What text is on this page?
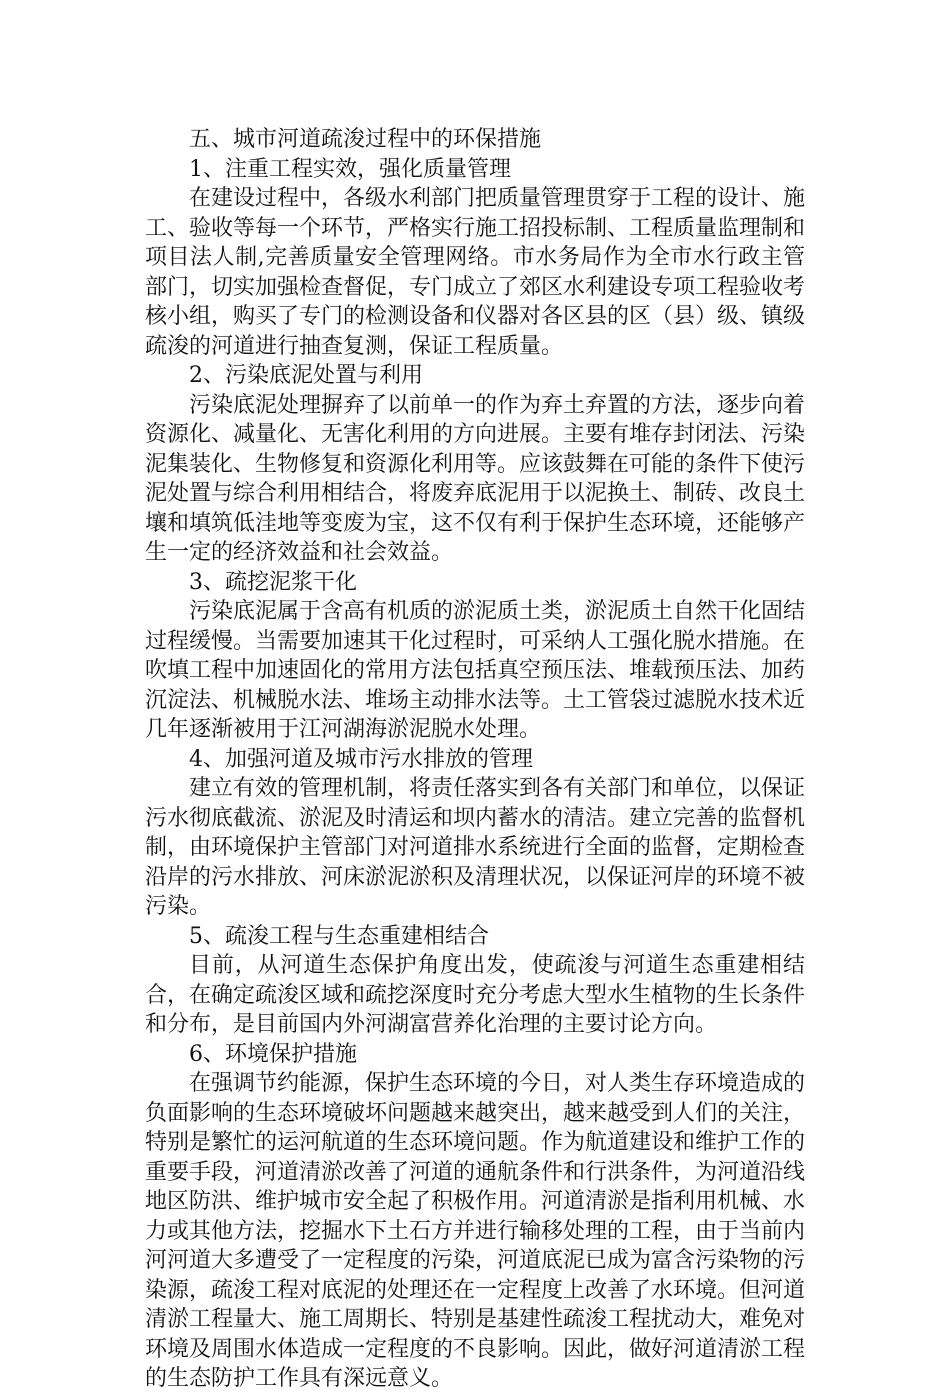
五、城市河道疏浚过程中的环保措施

1、注重工程实效，强化质量管理

在建设过程中，各级水利部门把质量管理贯穿于工程的设计、施工、验收等每一个环节，严格实行施工招投标制、工程质量监理制和项目法人制,完善质量安全管理网络。市水务局作为全市水行政主管部门，切实加强检查督促，专门成立了郊区水利建设专项工程验收考核小组，购买了专门的检测设备和仪器对各区县的区（县）级、镇级疏浚的河道进行抽查复测，保证工程质量。

2、污染底泥处置与利用

污染底泥处理摒弃了以前单一的作为弃土弃置的方法，逐步向着资源化、减量化、无害化利用的方向进展。主要有堆存封闭法、污染泥集装化、生物修复和资源化利用等。应该鼓舞在可能的条件下使污泥处置与综合利用相结合，将废弃底泥用于以泥换土、制砖、改良土壤和填筑低洼地等变废为宝，这不仅有利于保护生态环境，还能够产生一定的经济效益和社会效益。

3、疏挖泥浆干化

污染底泥属于含高有机质的淤泥质土类，淤泥质土自然干化固结过程缓慢。当需要加速其干化过程时，可采纳人工强化脱水措施。在吹填工程中加速固化的常用方法包括真空预压法、堆载预压法、加药沉淀法、机械脱水法、堆场主动排水法等。土工管袋过滤脱水技术近几年逐渐被用于江河湖海淤泥脱水处理。

4、加强河道及城市污水排放的管理

建立有效的管理机制，将责任落实到各有关部门和单位，以保证污水彻底截流、淤泥及时清运和坝内蓄水的清洁。建立完善的监督机制，由环境保护主管部门对河道排水系统进行全面的监督，定期检查沿岸的污水排放、河床淤泥淤积及清理状况，以保证河岸的环境不被污染。

5、疏浚工程与生态重建相结合

目前，从河道生态保护角度出发，使疏浚与河道生态重建相结合，在确定疏浚区域和疏挖深度时充分考虑大型水生植物的生长条件和分布，是目前国内外河湖富营养化治理的主要讨论方向。

6、环境保护措施

在强调节约能源，保护生态环境的今日，对人类生存环境造成的负面影响的生态环境破坏问题越来越突出，越来越受到人们的关注，特别是繁忙的运河航道的生态环境问题。作为航道建设和维护工作的重要手段，河道清淤改善了河道的通航条件和行洪条件，为河道沿线地区防洪、维护城市安全起了积极作用。河道清淤是指利用机械、水力或其他方法，挖掘水下土石方并进行输移处理的工程，由于当前内河河道大多遭受了一定程度的污染，河道底泥已成为富含污染物的污染源，疏浚工程对底泥的处理还在一定程度上改善了水环境。但河道清淤工程量大、施工周期长、特别是基建性疏浚工程扰动大，难免对环境及周围水体造成一定程度的不良影响。因此，做好河道清淤工程的生态防护工作具有深远意义。
